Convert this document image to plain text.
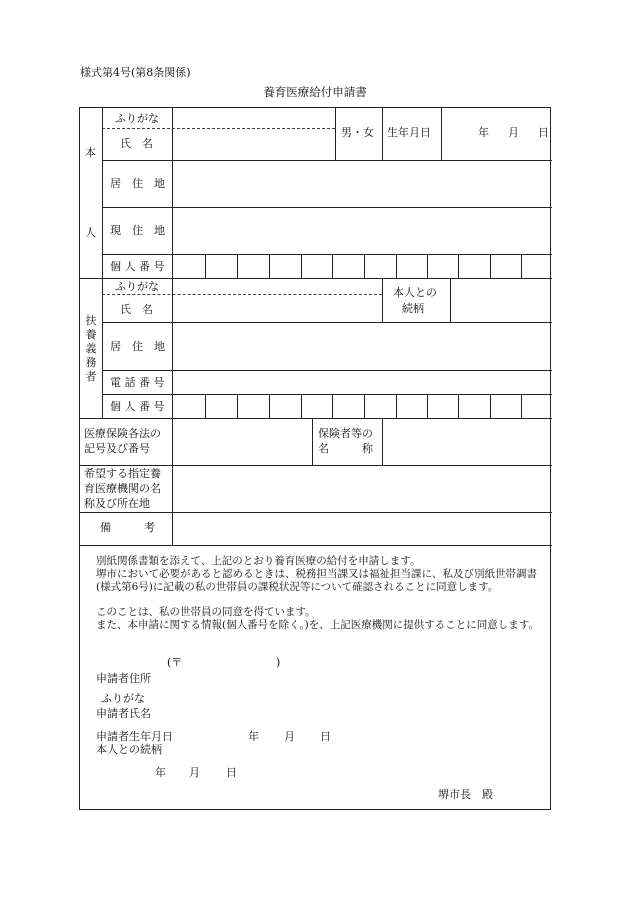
様式第4号(第8条関係)
養育医療給付申請書
本
人
ふりがな
氏　名
男・女 生年月日	年 月 日
居　住　地
現　住　地
個 人 番 号
扶養義務者
ふりがな
氏　名
本人との
続柄
居　住　地
電 話 番 号
個 人 番 号
医療保険各法の
記号及び番号
保険者等の
名　　　称
希望する指定養
育医療機関の名
称及び所在地
備　　　考
別紙関係書類を添えて、上記のとおり養育医療の給付を申請します。
堺市において必要があると認めるときは、税務担当課又は福祉担当課に、私及び別紙世帯調書(様式第6号)に記載の私の世帯員の課税状況等について確認されることに同意します。
このことは、私の世帯員の同意を得ています。
また、本申請に関する情報(個人番号を除く。)を、上記医療機関に提供することに同意します。
(〒	)
申請者住所
ふりがな
申請者氏名
申請者生年月日	年 月 日
本人との続柄
年 月 日
堺市長　殿
